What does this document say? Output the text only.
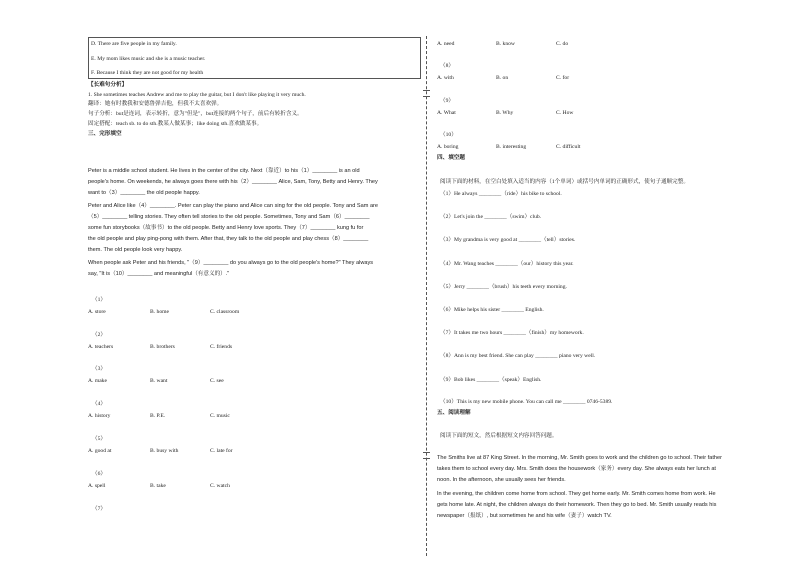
D. There are five people in my family.
E. My mom likes music and she is a music teacher.
F. Because I think they are not good for my health
【长难句分析】
1. She sometimes teaches Andrew and me to play the guitar, but I don't like playing it very much.
翻译：她有时教我和安德鲁弹吉他，但我不太喜欢弹。
句子分析：but是连词，表示转折，意为"但是"，but连接的两个句子，前后有转折含义。
固定搭配：teach sb. to do sth.教某人做某事；like doing sth.喜欢做某事。
三、完形填空
Peter is a middle school student. He lives in the center of the city. Next（靠近）to his（1）________ is an old
people's home. On weekends, he always goes there with his（2）________ Alice, Sam, Tony, Betty and Henry. They
want to（3）________ the old people happy.
Peter and Alice like（4）________. Peter can play the piano and Alice can sing for the old people. Tony and Sam are
（5）________ telling stories. They often tell stories to the old people. Sometimes, Tony and Sam（6）________
some fun storybooks（故事书）to the old people. Betty and Henry love sports. They（7）________ kung fu for
the old people and play ping-pong with them. After that, they talk to the old people and play chess（8）________
them. The old people look very happy.
When people ask Peter and his friends, "（9）________ do you always go to the old people's home?" They always
say, "It is（10）________ and meaningful（有意义的）."
（1）
A. store	B. home	C. classroom
（2）
A. teachers	B. brothers	C. friends
（3）
A. make	B. want	C. see
（4）
A. history	B. P.E.	C. music
（5）
A. good at	B. busy with	C. late for
（6）
A. spell	B. take	C. watch
（7）
A. need	B. know	C. do
（8）
A. with	B. on	C. for
（9）
A. What	B. Why	C. How
（10）
A. boring	B. interesting	C. difficult
四、填空题
阅读下面的材料，在空白处填入适当的内容（1个单词）或括号内单词的正确形式，使句子通顺完整。
（1）He always ________（ride）his bike to school.
（2）Let's join the ________（swim）club.
（3）My grandma is very good at ________（tell）stories.
（4）Mr. Wang teaches ________（our）history this year.
（5）Jerry ________（brush）his teeth every morning.
（6）Mike helps his sister ________ English.
（7）It takes me two hours ________（finish）my homework.
（8）Ann is my best friend. She can play ________ piano very well.
（9）Bob likes ________（speak）English.
（10）This is my new mobile phone. You can call me ________ 0746-5389.
五、阅读理解
阅读下面的短文，然后根据短文内容回答问题。
The Smiths live at 87 King Street. In the morning, Mr. Smith goes to work and the children go to school. Their father
takes them to school every day. Mrs. Smith does the housework（家务）every day. She always eats her lunch at
noon. In the afternoon, she usually sees her friends.
In the evening, the children come home from school. They get home early. Mr. Smith comes home from work. He
gets home late. At night, the children always do their homework. Then they go to bed. Mr. Smith usually reads his
newspaper（报纸）, but sometimes he and his wife（妻子）watch TV.
